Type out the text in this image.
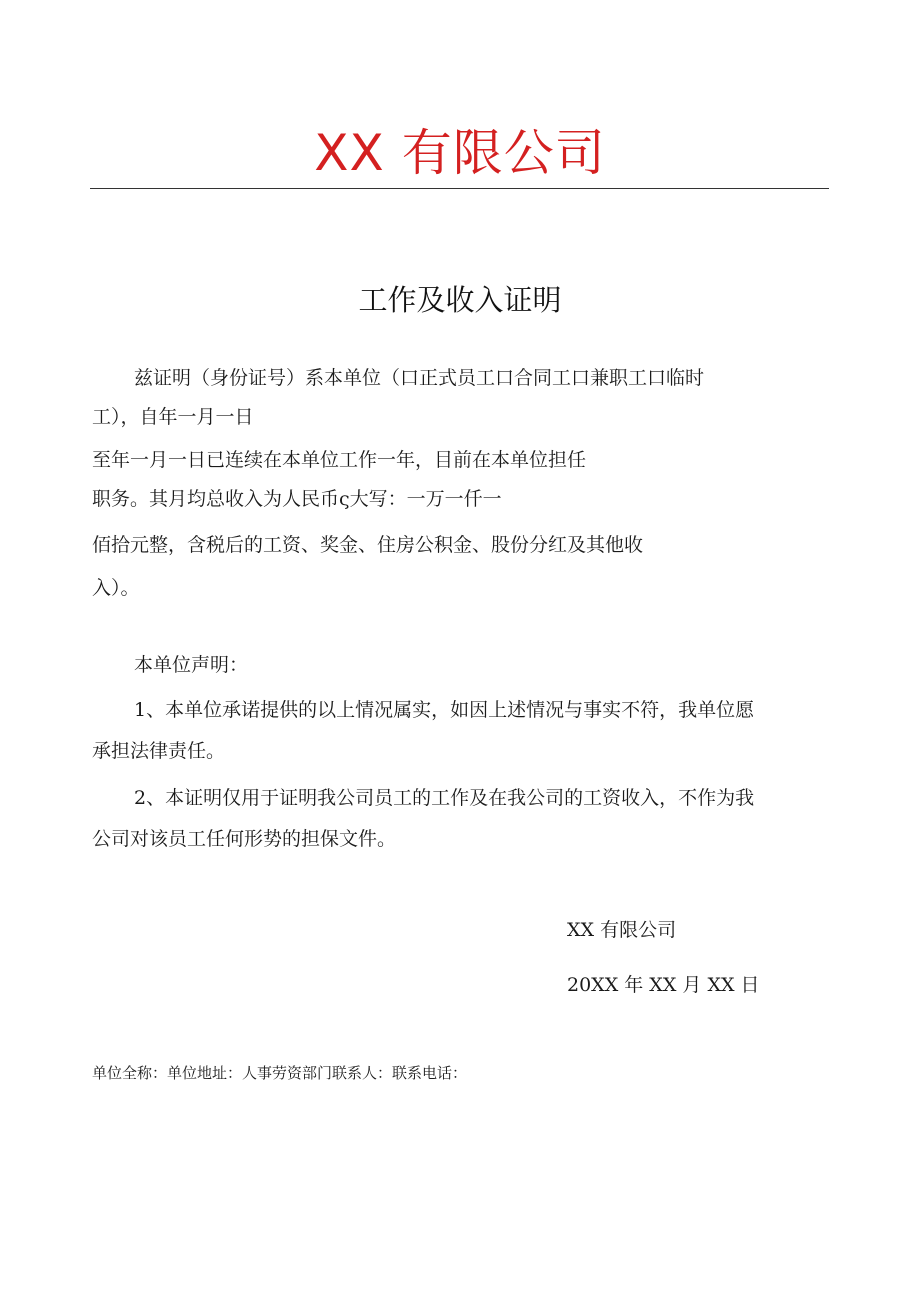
XX 有限公司
工作及收入证明
兹证明（身份证号）系本单位（口正式员工口合同工口兼职工口临时
工），自年一月一日
至年一月一日已连续在本单位工作一年，目前在本单位担任
职务。其月均总收入为人民币ς大写：一万一仟一
佰拾元整，含税后的工资、奖金、住房公积金、股份分红及其他收
入）。
本单位声明：
1、本单位承诺提供的以上情况属实，如因上述情况与事实不符，我单位愿
承担法律责任。
2、本证明仅用于证明我公司员工的工作及在我公司的工资收入，不作为我
公司对该员工任何形势的担保文件。
XX 有限公司
20XX 年 XX 月 XX 日
单位全称：单位地址：人事劳资部门联系人：联系电话：
